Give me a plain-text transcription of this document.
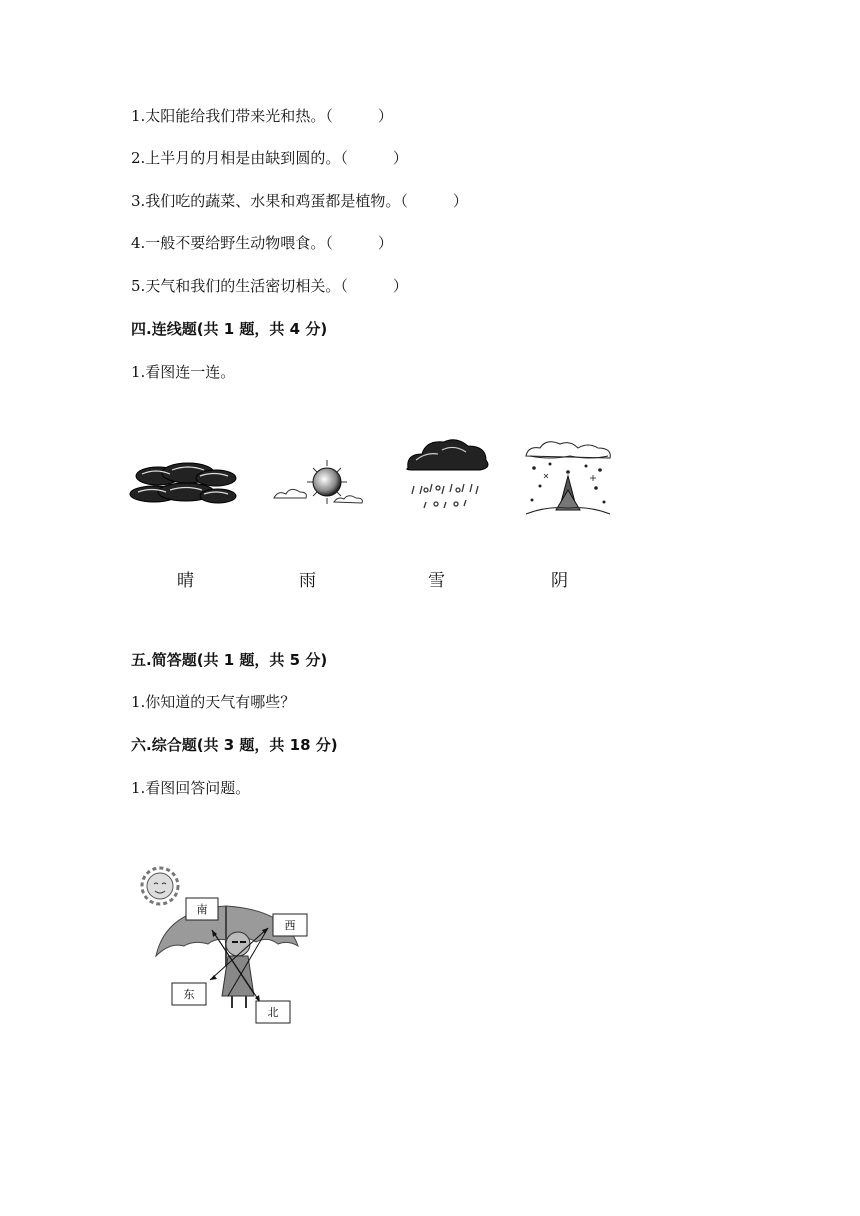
1.太阳能给我们带来光和热。（　　　）
2.上半月的月相是由缺到圆的。（　　　）
3.我们吃的蔬菜、水果和鸡蛋都是植物。（　　　）
4.一般不要给野生动物喂食。（　　　）
5.天气和我们的生活密切相关。（　　　）
四.连线题(共 1 题，共 4 分)
1.看图连一连。
晴	雨	雪	阴
五.简答题(共 1 题，共 5 分)
1.你知道的天气有哪些？
六.综合题(共 3 题，共 18 分)
1.看图回答问题。
南
西
东
北
